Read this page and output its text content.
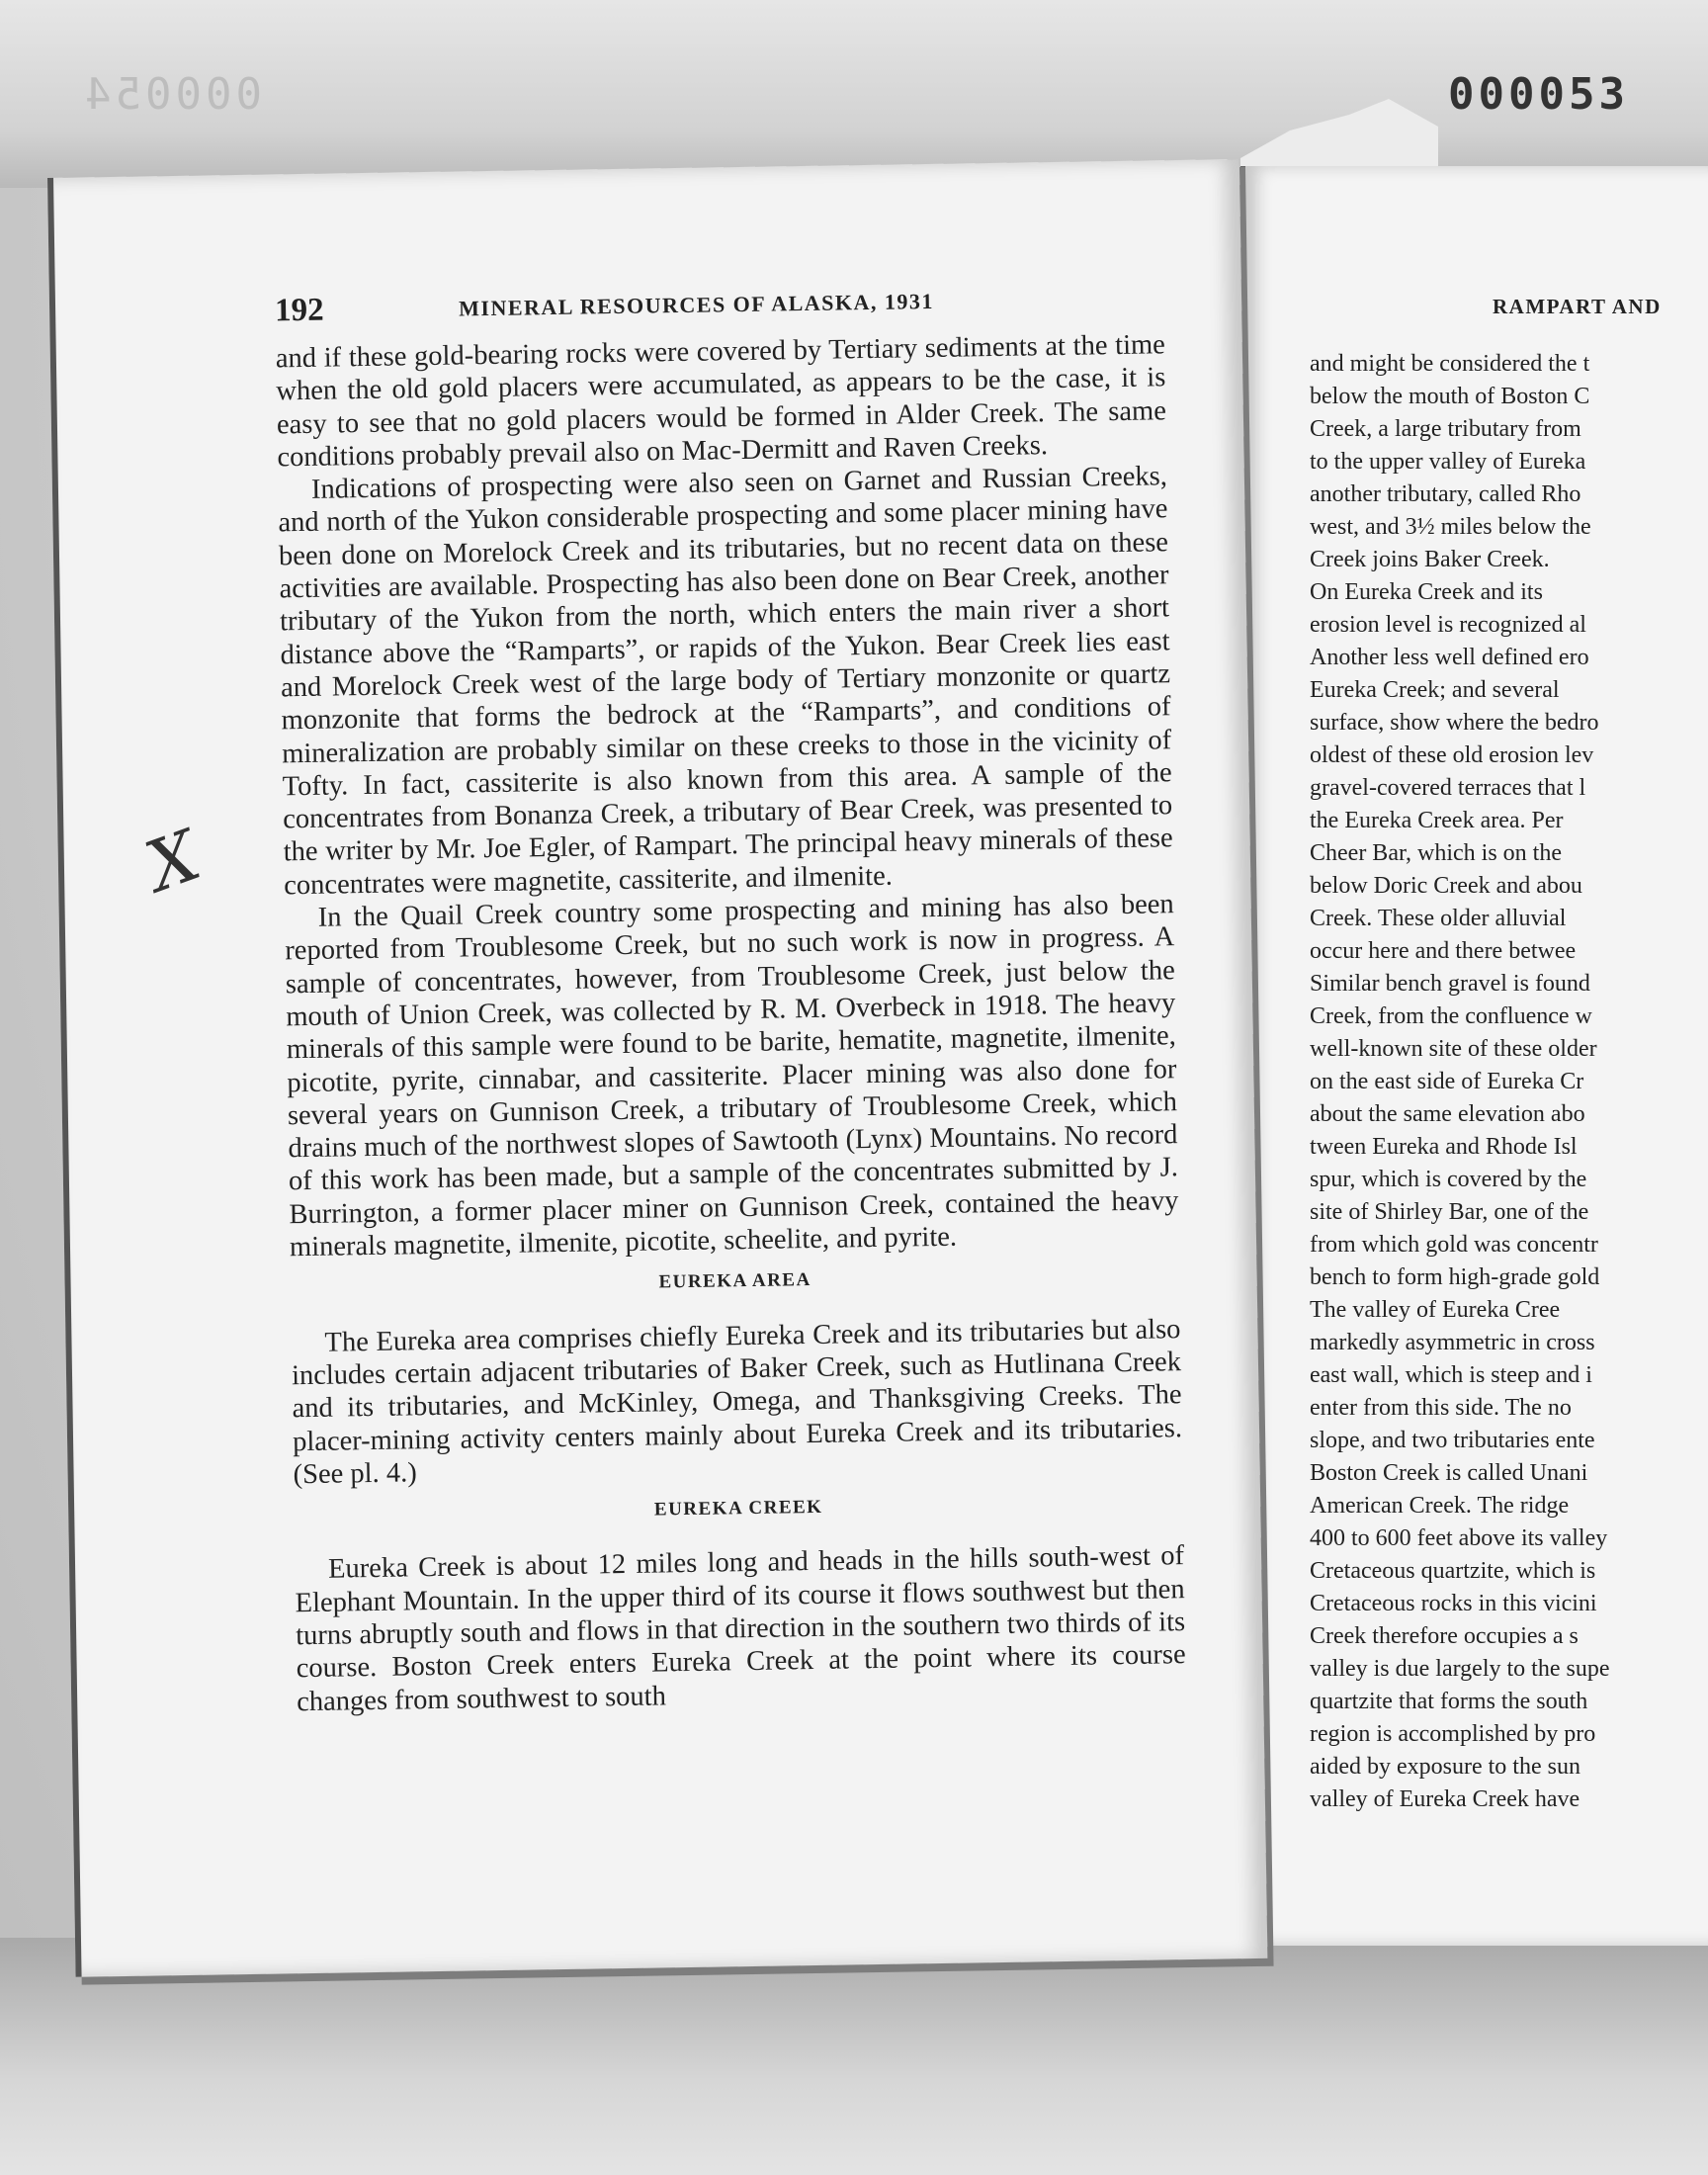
000054	000053
RAMPART AND
and might be considered the t
below the mouth of Boston C
Creek, a large tributary from
to the upper valley of Eureka
another tributary, called Rho
west, and 3½ miles below the
Creek joins Baker Creek.
On Eureka Creek and its
erosion level is recognized al
Another less well defined ero
Eureka Creek; and several
surface, show where the bedro
oldest of these old erosion lev
gravel-covered terraces that l
the Eureka Creek area. Per
Cheer Bar, which is on the
below Doric Creek and abou
Creek. These older alluvial
occur here and there betwee
Similar bench gravel is found
Creek, from the confluence w
well-known site of these older
on the east side of Eureka Cr
about the same elevation abo
tween Eureka and Rhode Isl
spur, which is covered by the
site of Shirley Bar, one of the
from which gold was concentr
bench to form high-grade gold
The valley of Eureka Cree
markedly asymmetric in cross
east wall, which is steep and i
enter from this side. The no
slope, and two tributaries ente
Boston Creek is called Unani
American Creek. The ridge
400 to 600 feet above its valley
Cretaceous quartzite, which is
Cretaceous rocks in this vicini
Creek therefore occupies a s
valley is due largely to the supe
quartzite that forms the south
region is accomplished by pro
aided by exposure to the sun
valley of Eureka Creek have
192	MINERAL RESOURCES OF ALASKA, 1931

and if these gold-bearing rocks were covered by Tertiary sediments at the time when the old gold placers were accumulated, as appears to be the case, it is easy to see that no gold placers would be formed in Alder Creek. The same conditions probably prevail also on Mac-Dermitt and Raven Creeks.

Indications of prospecting were also seen on Garnet and Russian Creeks, and north of the Yukon considerable prospecting and some placer mining have been done on Morelock Creek and its tributaries, but no recent data on these activities are available. Prospecting has also been done on Bear Creek, another tributary of the Yukon from the north, which enters the main river a short distance above the “Ramparts”, or rapids of the Yukon. Bear Creek lies east and Morelock Creek west of the large body of Tertiary monzonite or quartz monzonite that forms the bedrock at the “Ramparts”, and conditions of mineralization are probably similar on these creeks to those in the vicinity of Tofty. In fact, cassiterite is also known from this area. A sample of the concentrates from Bonanza Creek, a tributary of Bear Creek, was presented to the writer by Mr. Joe Egler, of Rampart. The principal heavy minerals of these concentrates were magnetite, cassiterite, and ilmenite.

In the Quail Creek country some prospecting and mining has also been reported from Troublesome Creek, but no such work is now in progress. A sample of concentrates, however, from Troublesome Creek, just below the mouth of Union Creek, was collected by R. M. Overbeck in 1918. The heavy minerals of this sample were found to be barite, hematite, magnetite, ilmenite, picotite, pyrite, cinnabar, and cassiterite. Placer mining was also done for several years on Gunnison Creek, a tributary of Troublesome Creek, which drains much of the northwest slopes of Sawtooth (Lynx) Mountains. No record of this work has been made, but a sample of the concentrates submitted by J. Burrington, a former placer miner on Gunnison Creek, contained the heavy minerals magnetite, ilmenite, picotite, scheelite, and pyrite.

EUREKA AREA

The Eureka area comprises chiefly Eureka Creek and its tributaries but also includes certain adjacent tributaries of Baker Creek, such as Hutlinana Creek and its tributaries, and McKinley, Omega, and Thanksgiving Creeks. The placer-mining activity centers mainly about Eureka Creek and its tributaries. (See pl. 4.)

EUREKA CREEK

Eureka Creek is about 12 miles long and heads in the hills south-west of Elephant Mountain. In the upper third of its course it flows southwest but then turns abruptly south and flows in that direction in the southern two thirds of its course. Boston Creek enters Eureka Creek at the point where its course changes from southwest to south

X
